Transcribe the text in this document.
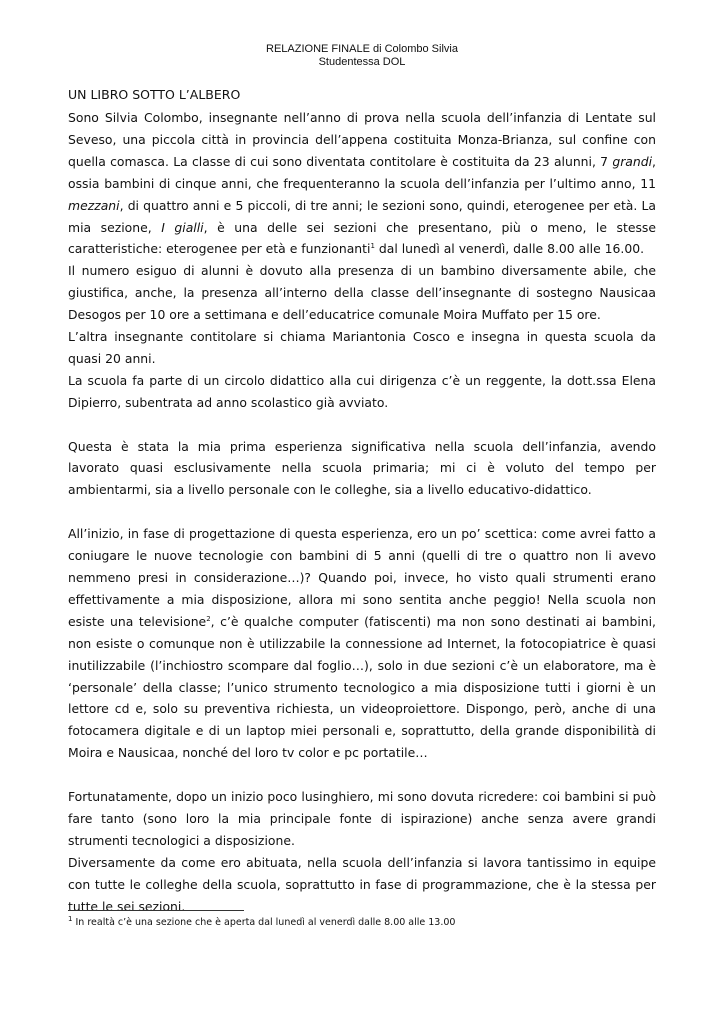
RELAZIONE FINALE di Colombo Silvia
Studentessa DOL
UN LIBRO SOTTO L’ALBERO

Sono Silvia Colombo, insegnante nell’anno di prova nella scuola dell’infanzia di Lentate sul Seveso, una piccola città in provincia dell’appena costituita Monza-Brianza, sul confine con quella comasca. La classe di cui sono diventata contitolare è costituita da 23 alunni, 7 grandi, ossia bambini di cinque anni, che frequenteranno la scuola dell’infanzia per l’ultimo anno, 11 mezzani, di quattro anni e 5 piccoli, di tre anni; le sezioni sono, quindi, eterogenee per età. La mia sezione, I gialli, è una delle sei sezioni che presentano, più o meno, le stesse caratteristiche: eterogenee per età e funzionanti$^1$ dal lunedì al venerdì, dalle 8.00 alle 16.00.

Il numero esiguo di alunni è dovuto alla presenza di un bambino diversamente abile, che giustifica, anche, la presenza all’interno della classe dell’insegnante di sostegno Nausicaa Desogos per 10 ore a settimana e dell’educatrice comunale Moira Muffato per 15 ore.

L’altra insegnante contitolare si chiama Mariantonia Cosco e insegna in questa scuola da quasi 20 anni.

La scuola fa parte di un circolo didattico alla cui dirigenza c’è un reggente, la dott.ssa Elena Dipierro, subentrata ad anno scolastico già avviato.

Questa è stata la mia prima esperienza significativa nella scuola dell’infanzia, avendo lavorato quasi esclusivamente nella scuola primaria; mi ci è voluto del tempo per ambientarmi, sia a livello personale con le colleghe, sia a livello educativo-didattico.

All’inizio, in fase di progettazione di questa esperienza, ero un po’ scettica: come avrei fatto a coniugare le nuove tecnologie con bambini di 5 anni (quelli di tre o quattro non li avevo nemmeno presi in considerazione…)? Quando poi, invece, ho visto quali strumenti erano effettivamente a mia disposizione, allora mi sono sentita anche peggio! Nella scuola non esiste una televisione$^2$, c’è qualche computer (fatiscenti) ma non sono destinati ai bambini, non esiste o comunque non è utilizzabile la connessione ad Internet, la fotocopiatrice è quasi inutilizzabile (l’inchiostro scompare dal foglio…), solo in due sezioni c’è un elaboratore, ma è ‘personale’ della classe; l’unico strumento tecnologico a mia disposizione tutti i giorni è un lettore cd e, solo su preventiva richiesta, un videoproiettore. Dispongo, però, anche di una fotocamera digitale e di un laptop miei personali e, soprattutto, della grande disponibilità di Moira e Nausicaa, nonché del loro tv color e pc portatile…

Fortunatamente, dopo un inizio poco lusinghiero, mi sono dovuta ricredere: coi bambini si può fare tanto (sono loro la mia principale fonte di ispirazione) anche senza avere grandi strumenti tecnologici a disposizione.

Diversamente da come ero abituata, nella scuola dell’infanzia si lavora tantissimo in equipe con tutte le colleghe della scuola, soprattutto in fase di programmazione, che è la stessa per tutte le sei sezioni.

$^1$ In realtà c’è una sezione che è aperta dal lunedì al venerdì dalle 8.00 alle 13.00
